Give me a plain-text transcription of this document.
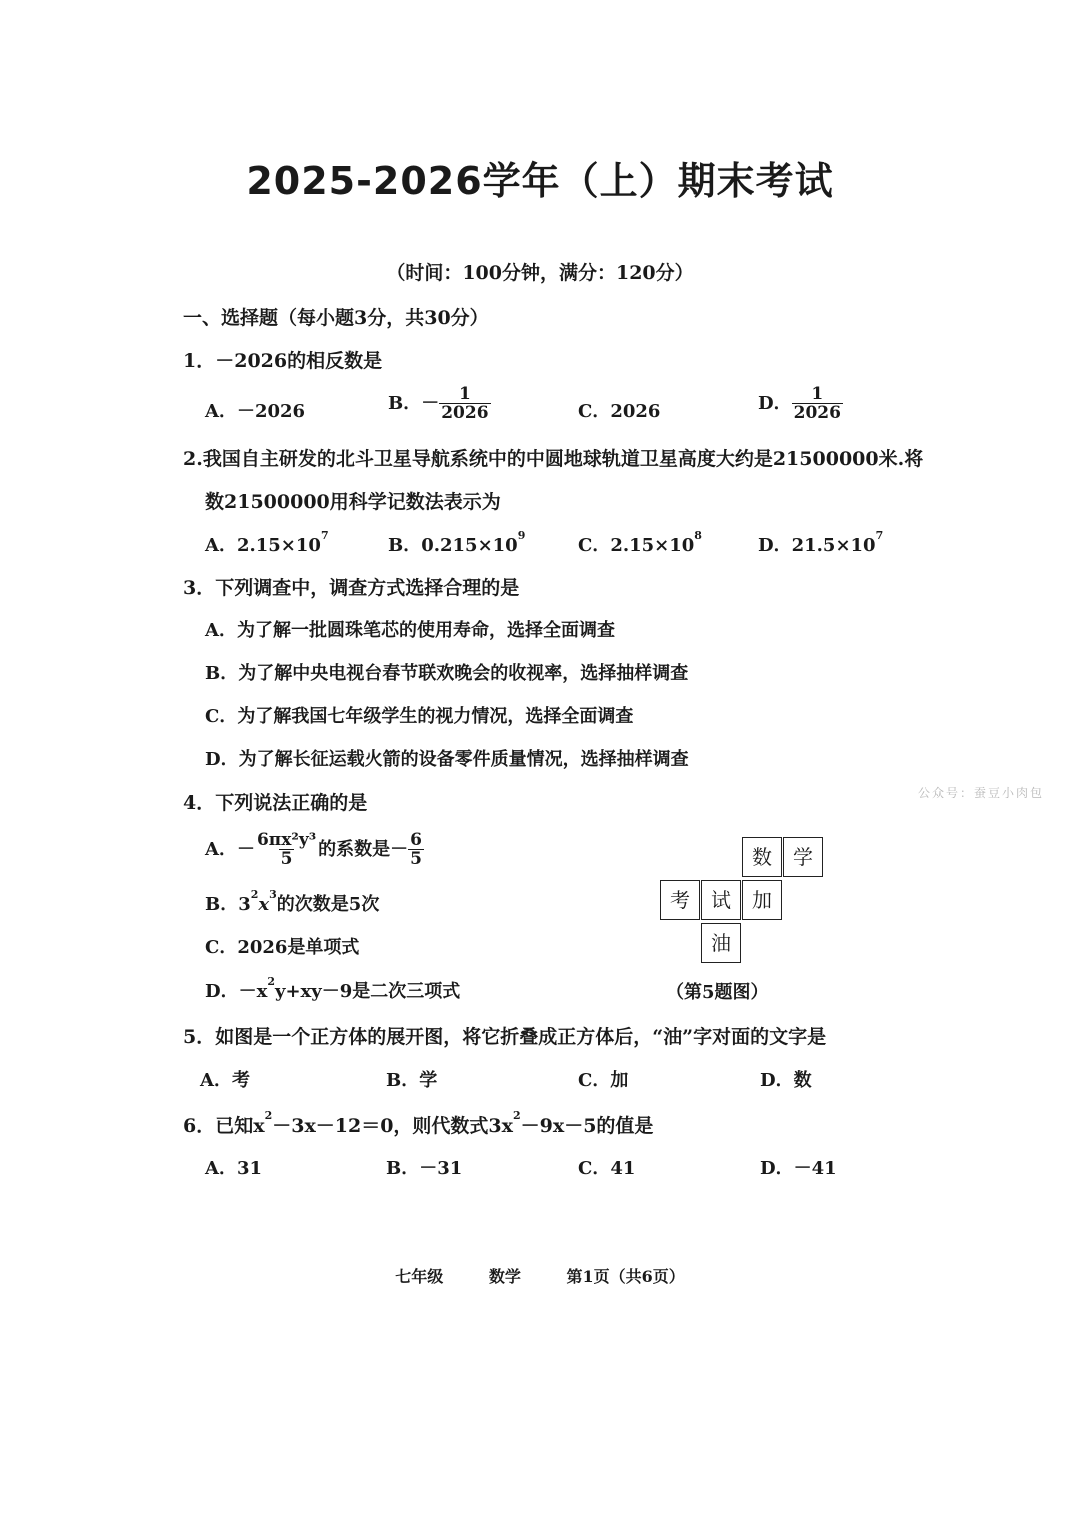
2025-2026学年（上）期末考试
（时间：100分钟，满分：120分）
一、选择题（每小题3分，共30分）
1．－2026的相反数是
A．－2026	B．－ $\frac{1}{2026}$	C．2026	D． $\frac{1}{2026}$
2.我国自主研发的北斗卫星导航系统中的中圆地球轨道卫星高度大约是21500000米.将
数21500000用科学记数法表示为
A．$2.15\times 10^7$	B．$0.215\times 10^9$	C．$2.15\times 10^8$	D．$21.5\times 10^7$
3．下列调查中，调查方式选择合理的是
A．为了解一批圆珠笔芯的使用寿命，选择全面调查
B．为了解中央电视台春节联欢晚会的收视率，选择抽样调查
C．为了解我国七年级学生的视力情况，选择全面调查
D．为了解长征运载火箭的设备零件质量情况，选择抽样调查
公众号：蚕豆小肉包
4．下列说法正确的是
A．－ $\frac{\text{6πx²y³}}{5}$ 的系数是－ $\frac{6}{5}$
B．$3^2x^3$的次数是5次
C．2026是单项式
D．$-x^2y+xy-9$是二次三项式
数	学
考	试	加
油
（第5题图）
5．如图是一个正方体的展开图，将它折叠成正方体后，“油”字对面的文字是
A．考	B．学	C．加	D．数
6．已知$x^2-3x-12=0$，则代数式$3x^2-9x-5$的值是
A．31	B．－31	C．41	D．－41
七年级	数学	第1页（共6页）
